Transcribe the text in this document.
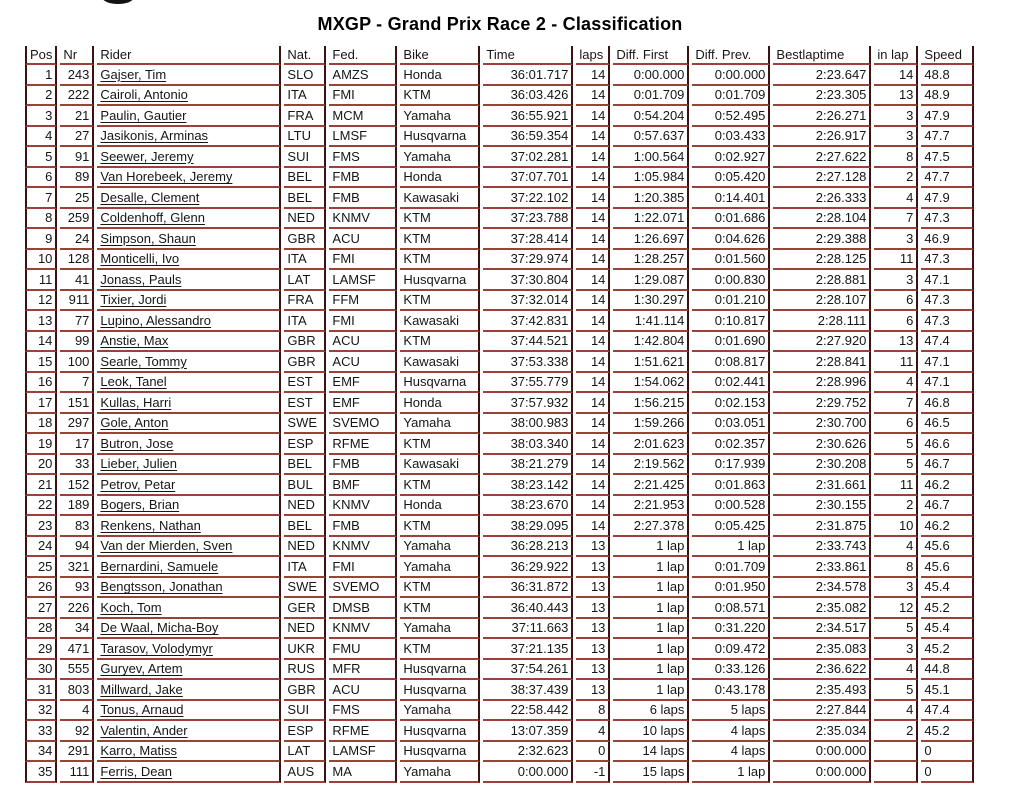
MXGP - Grand Prix Race 2 - Classification
Pos	Nr	Rider	Nat.	Fed.	Bike	Time	laps	Diff. First	Diff. Prev.	Bestlaptime	in lap	Speed
1	243	Gajser, Tim	SLO	AMZS	Honda	36:01.717	14	0:00.000	0:00.000	2:23.647	14	48.8
2	222	Cairoli, Antonio	ITA	FMI	KTM	36:03.426	14	0:01.709	0:01.709	2:23.305	13	48.9
3	21	Paulin, Gautier	FRA	MCM	Yamaha	36:55.921	14	0:54.204	0:52.495	2:26.271	3	47.9
4	27	Jasikonis, Arminas	LTU	LMSF	Husqvarna	36:59.354	14	0:57.637	0:03.433	2:26.917	3	47.7
5	91	Seewer, Jeremy	SUI	FMS	Yamaha	37:02.281	14	1:00.564	0:02.927	2:27.622	8	47.5
6	89	Van Horebeek, Jeremy	BEL	FMB	Honda	37:07.701	14	1:05.984	0:05.420	2:27.128	2	47.7
7	25	Desalle, Clement	BEL	FMB	Kawasaki	37:22.102	14	1:20.385	0:14.401	2:26.333	4	47.9
8	259	Coldenhoff, Glenn	NED	KNMV	KTM	37:23.788	14	1:22.071	0:01.686	2:28.104	7	47.3
9	24	Simpson, Shaun	GBR	ACU	KTM	37:28.414	14	1:26.697	0:04.626	2:29.388	3	46.9
10	128	Monticelli, Ivo	ITA	FMI	KTM	37:29.974	14	1:28.257	0:01.560	2:28.125	11	47.3
11	41	Jonass, Pauls	LAT	LAMSF	Husqvarna	37:30.804	14	1:29.087	0:00.830	2:28.881	3	47.1
12	911	Tixier, Jordi	FRA	FFM	KTM	37:32.014	14	1:30.297	0:01.210	2:28.107	6	47.3
13	77	Lupino, Alessandro	ITA	FMI	Kawasaki	37:42.831	14	1:41.114	0:10.817	2:28.111	6	47.3
14	99	Anstie, Max	GBR	ACU	KTM	37:44.521	14	1:42.804	0:01.690	2:27.920	13	47.4
15	100	Searle, Tommy	GBR	ACU	Kawasaki	37:53.338	14	1:51.621	0:08.817	2:28.841	11	47.1
16	7	Leok, Tanel	EST	EMF	Husqvarna	37:55.779	14	1:54.062	0:02.441	2:28.996	4	47.1
17	151	Kullas, Harri	EST	EMF	Honda	37:57.932	14	1:56.215	0:02.153	2:29.752	7	46.8
18	297	Gole, Anton	SWE	SVEMO	Yamaha	38:00.983	14	1:59.266	0:03.051	2:30.700	6	46.5
19	17	Butron, Jose	ESP	RFME	KTM	38:03.340	14	2:01.623	0:02.357	2:30.626	5	46.6
20	33	Lieber, Julien	BEL	FMB	Kawasaki	38:21.279	14	2:19.562	0:17.939	2:30.208	5	46.7
21	152	Petrov, Petar	BUL	BMF	KTM	38:23.142	14	2:21.425	0:01.863	2:31.661	11	46.2
22	189	Bogers, Brian	NED	KNMV	Honda	38:23.670	14	2:21.953	0:00.528	2:30.155	2	46.7
23	83	Renkens, Nathan	BEL	FMB	KTM	38:29.095	14	2:27.378	0:05.425	2:31.875	10	46.2
24	94	Van der Mierden, Sven	NED	KNMV	Yamaha	36:28.213	13	1 lap	1 lap	2:33.743	4	45.6
25	321	Bernardini, Samuele	ITA	FMI	Yamaha	36:29.922	13	1 lap	0:01.709	2:33.861	8	45.6
26	93	Bengtsson, Jonathan	SWE	SVEMO	KTM	36:31.872	13	1 lap	0:01.950	2:34.578	3	45.4
27	226	Koch, Tom	GER	DMSB	KTM	36:40.443	13	1 lap	0:08.571	2:35.082	12	45.2
28	34	De Waal, Micha-Boy	NED	KNMV	Yamaha	37:11.663	13	1 lap	0:31.220	2:34.517	5	45.4
29	471	Tarasov, Volodymyr	UKR	FMU	KTM	37:21.135	13	1 lap	0:09.472	2:35.083	3	45.2
30	555	Guryev, Artem	RUS	MFR	Husqvarna	37:54.261	13	1 lap	0:33.126	2:36.622	4	44.8
31	803	Millward, Jake	GBR	ACU	Husqvarna	38:37.439	13	1 lap	0:43.178	2:35.493	5	45.1
32	4	Tonus, Arnaud	SUI	FMS	Yamaha	22:58.442	8	6 laps	5 laps	2:27.844	4	47.4
33	92	Valentin, Ander	ESP	RFME	Husqvarna	13:07.359	4	10 laps	4 laps	2:35.034	2	45.2
34	291	Karro, Matiss	LAT	LAMSF	Husqvarna	2:32.623	0	14 laps	4 laps	0:00.000		0
35	111	Ferris, Dean	AUS	MA	Yamaha	0:00.000	-1	15 laps	1 lap	0:00.000		0
